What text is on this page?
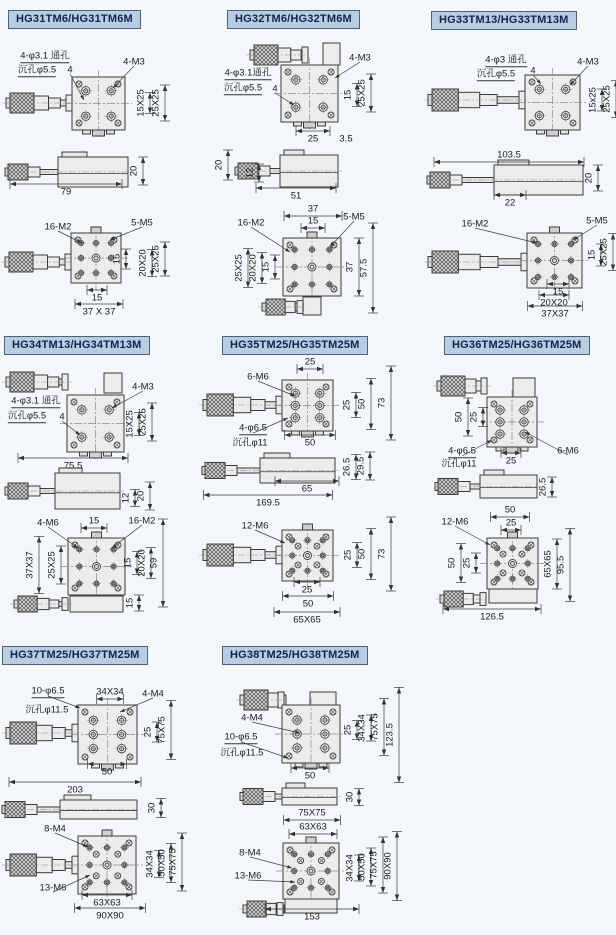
HG31TM6/HG31TM6M
4-φ3.1 通孔
沉孔φ5.5 4
4-M3
15X25 25X25
20
79
16-M2	5-M5
15 20X20 25X25
15
37 X 37
HG32TM6/HG32TM6M
4-M3
4-φ3.1通孔
沉孔φ5.5 4
15 25X25
25 3.5
20
12
51
37
15
16-M2
5-M5
25X25 20X20 15	37 57.5
HG33TM13/HG33TM13M
4-φ3 通孔
沉孔φ5.5 4
4-M3
15x25 25X25
103.5
20
22
16-M2	5-M5
15 25X25
15
20X20
37X37
HG34TM13/HG34TM13M
4-M3
4-φ3.1 通孔
沉孔φ5.5 4	15X25 25X25
75.5
12 20
4-M6	15	16-M2
37X37 25X25	15 20X20 59
15
HG35TM25/HG35TM25M
25
6-M6
25 50 73
4-φ6.5
沉孔φ11	50
26.5 29.5
65
169.5
12-M6
25 50 73
25
50
65X65
HG36TM25/HG36TM25M
50 25
4-φ6.5
沉孔φ11	25
6-M6
26.5
50
25
12-M6
50 25	65X65 95.5
126.5
HG37TM25/HG37TM25M
10-φ6.5	34X34 4-M4
沉孔φ11.5
25 75X75
50
203
30
8-M4
13-M6
34X34 50X50 75X75
63X63
90X90
HG38TM25/HG38TM25M
4-M4
10-φ6.5
沉孔φ11.5
25 34X34 75X75 123.5
50
30
75X75
63X63
8-M4
13-M6	34X34 50X50 75X75 90X90
153
